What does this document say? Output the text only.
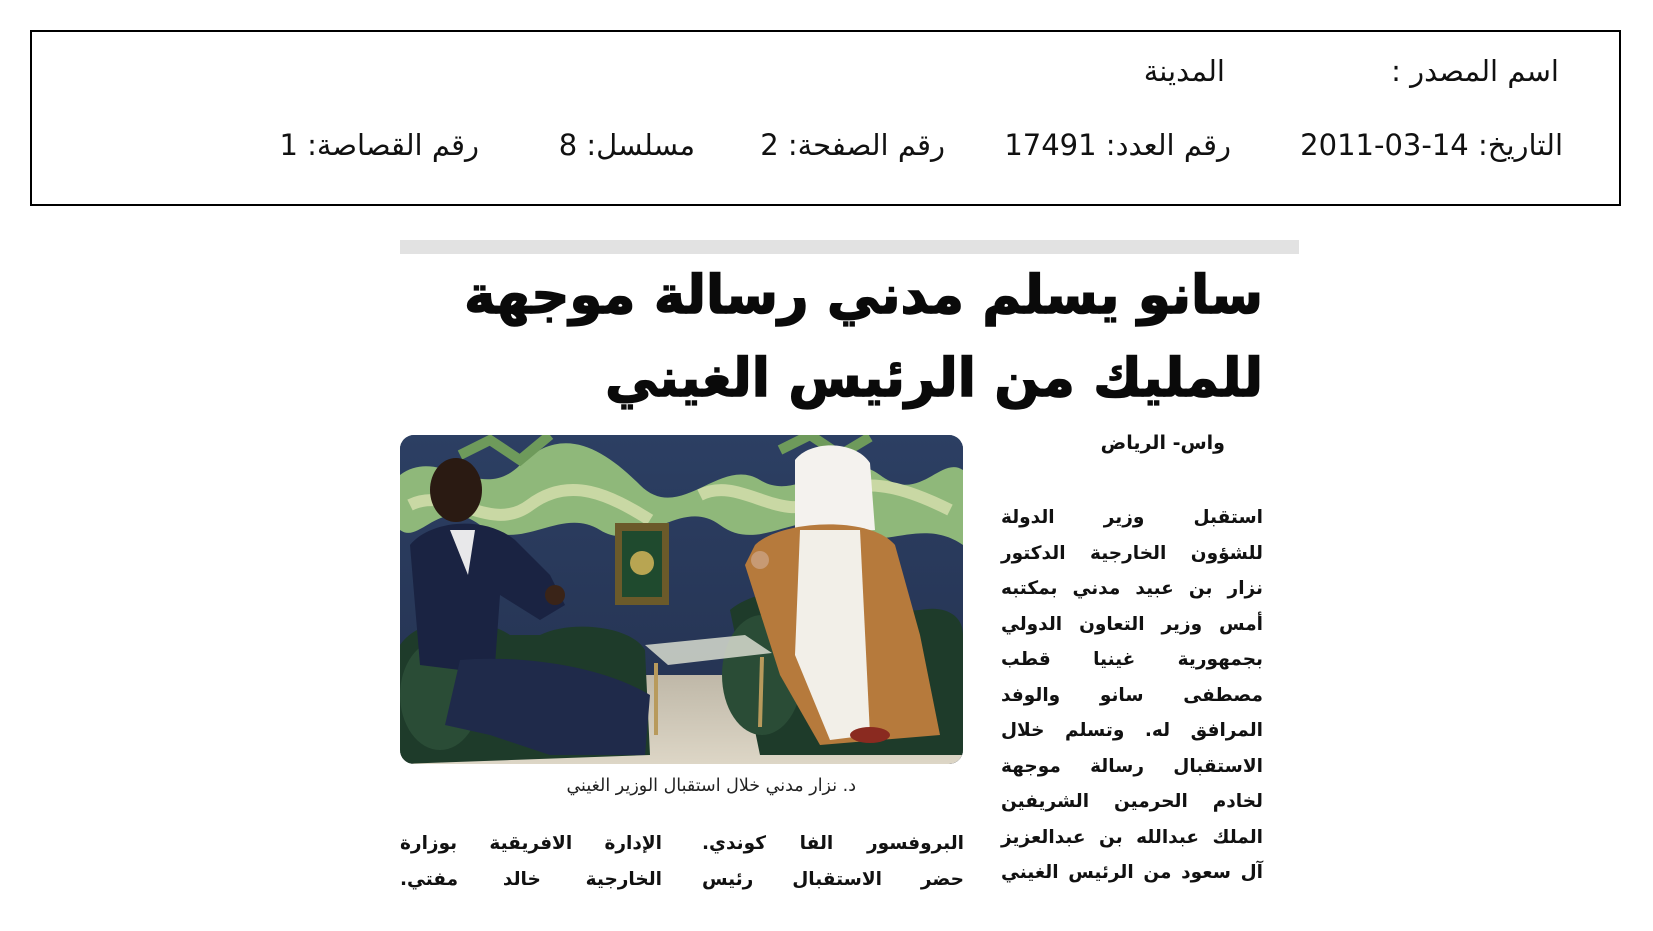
اسم المصدر :
المدينة
التاريخ: 14-03-2011
رقم العدد: 17491
رقم الصفحة: 2
مسلسل: 8
رقم القصاصة: 1
سانو يسلم مدني رسالة موجهة
للمليك من الرئيس الغيني
واس- الرياض
استقبل وزير الدولة
للشؤون الخارجية الدكتور
نزار بن عبيد مدني بمكتبه
أمس وزير التعاون الدولي
بجمهورية غينيا قطب
مصطفى سانو والوفد
المرافق له. وتسلم خلال
الاستقبال رسالة موجهة
لخادم الحرمين الشريفين
الملك عبدالله بن عبدالعزيز
آل سعود من الرئيس الغيني
د. نزار مدني خلال استقبال الوزير الغيني
البروفسور الفا كوندي.
حضر الاستقبال رئيس
الإدارة الافريقية بوزارة
الخارجية خالد مفتي.
